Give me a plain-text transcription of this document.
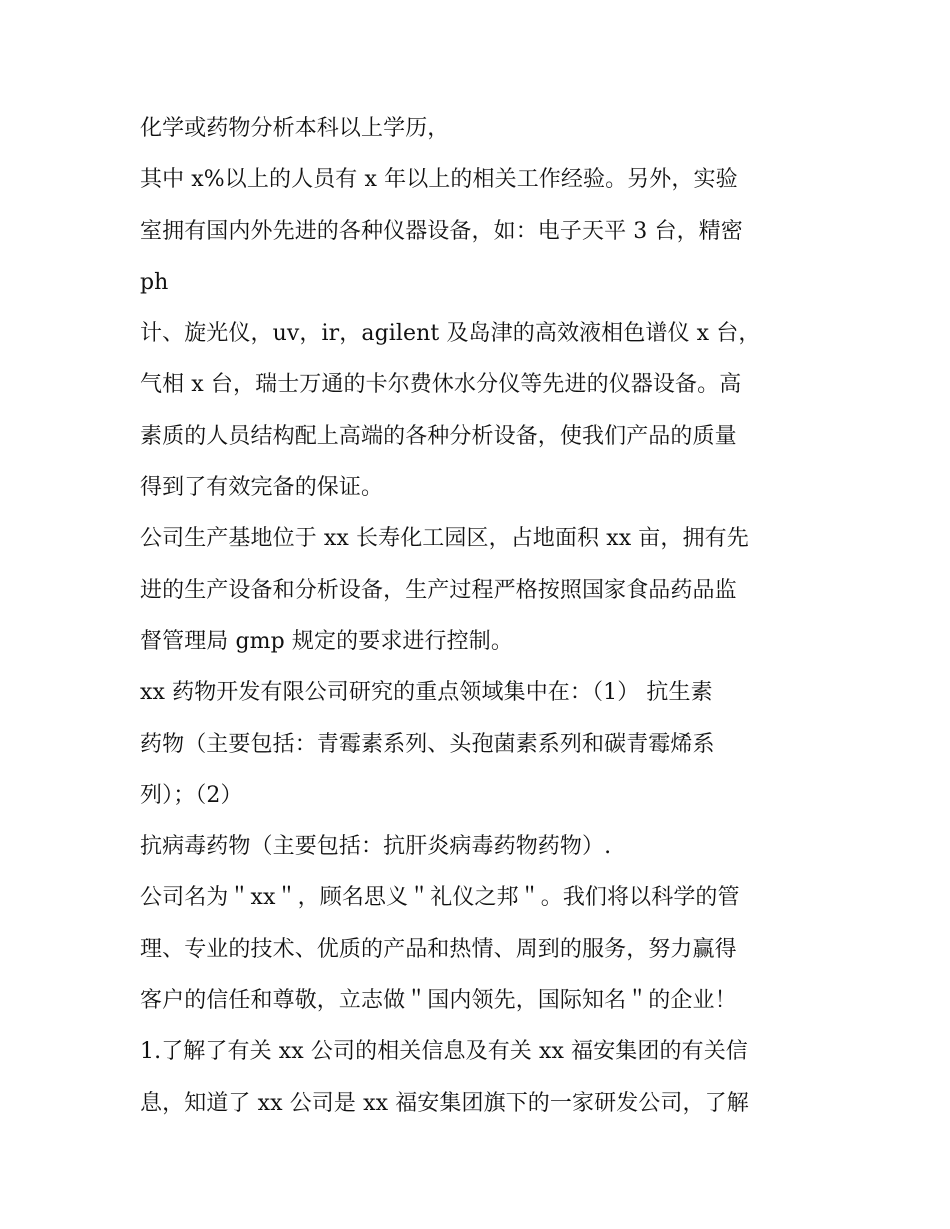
化学或药物分析本科以上学历，
其中 x%以上的人员有 x 年以上的相关工作经验。另外，实验
室拥有国内外先进的各种仪器设备，如：电子天平 3 台，精密
ph
计、旋光仪，uv，ir，agilent 及岛津的高效液相色谱仪 x 台，
气相 x 台，瑞士万通的卡尔费休水分仪等先进的仪器设备。高
素质的人员结构配上高端的各种分析设备，使我们产品的质量
得到了有效完备的保证。
公司生产基地位于 xx 长寿化工园区，占地面积 xx 亩，拥有先
进的生产设备和分析设备，生产过程严格按照国家食品药品监
督管理局 gmp 规定的要求进行控制。
xx 药物开发有限公司研究的重点领域集中在：（1） 抗生素
药物（主要包括：青霉素系列、头孢菌素系列和碳青霉烯系
列）；（2）
抗病毒药物（主要包括：抗肝炎病毒药物药物）.
公司名为＂xx＂，顾名思义＂礼仪之邦＂。我们将以科学的管
理、专业的技术、优质的产品和热情、周到的服务，努力赢得
客户的信任和尊敬，立志做＂国内领先，国际知名＂的企业！
1.了解了有关 xx 公司的相关信息及有关 xx 福安集团的有关信
息，知道了 xx 公司是 xx 福安集团旗下的一家研发公司，了解
